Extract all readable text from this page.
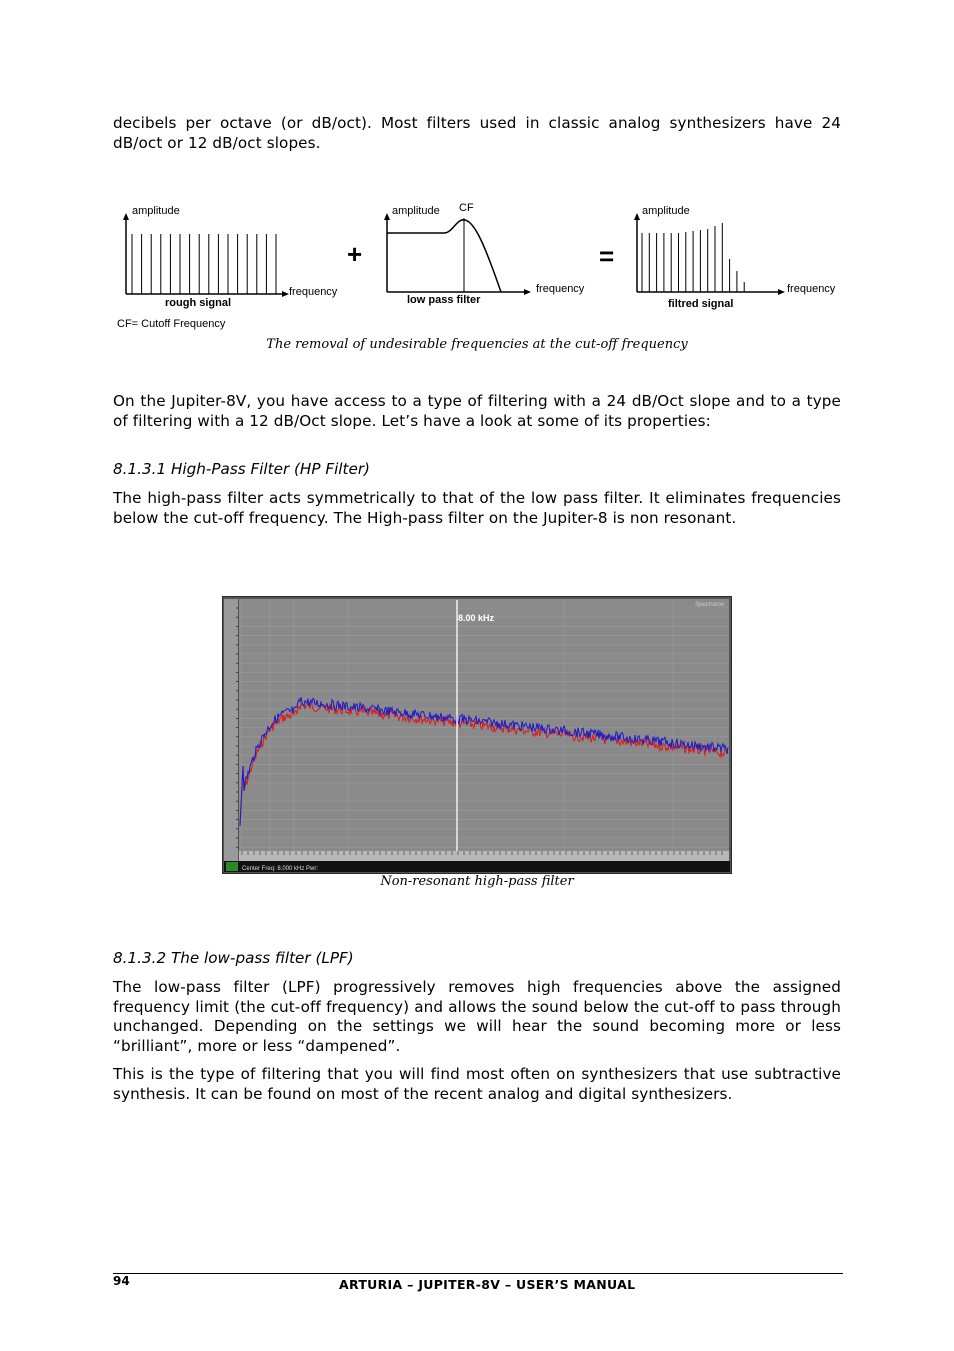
decibels per octave (or dB/oct). Most filters used in classic analog synthesizers have 24 dB/oct or 12 dB/oct slopes.

amplitude
rough signal
frequency
+
amplitude CF
low pass filter
frequency
=
amplitude
filtred signal
frequency
CF= Cutoff Frequency

The removal of undesirable frequencies at the cut-off frequency

On the Jupiter-8V, you have access to a type of filtering with a 24 dB/Oct slope and to a type of filtering with a 12 dB/Oct slope. Let’s have a look at some of its properties:

8.1.3.1 High-Pass Filter (HP Filter)

The high-pass filter acts symmetrically to that of the low pass filter. It eliminates frequencies below the cut-off frequency. The High-pass filter on the Jupiter-8 is non resonant.

Center Freq: 8.000 kHz Pwr:
Spectraroo
8.00 kHz

Non-resonant high-pass filter

8.1.3.2 The low-pass filter (LPF)

The low-pass filter (LPF) progressively removes high frequencies above the assigned frequency limit (the cut-off frequency) and allows the sound below the cut-off to pass through unchanged. Depending on the settings we will hear the sound becoming more or less “brilliant”, more or less “dampened”.

This is the type of filtering that you will find most often on synthesizers that use subtractive synthesis. It can be found on most of the recent analog and digital synthesizers.

94	ARTURIA – JUPITER-8V – USER’S MANUAL
